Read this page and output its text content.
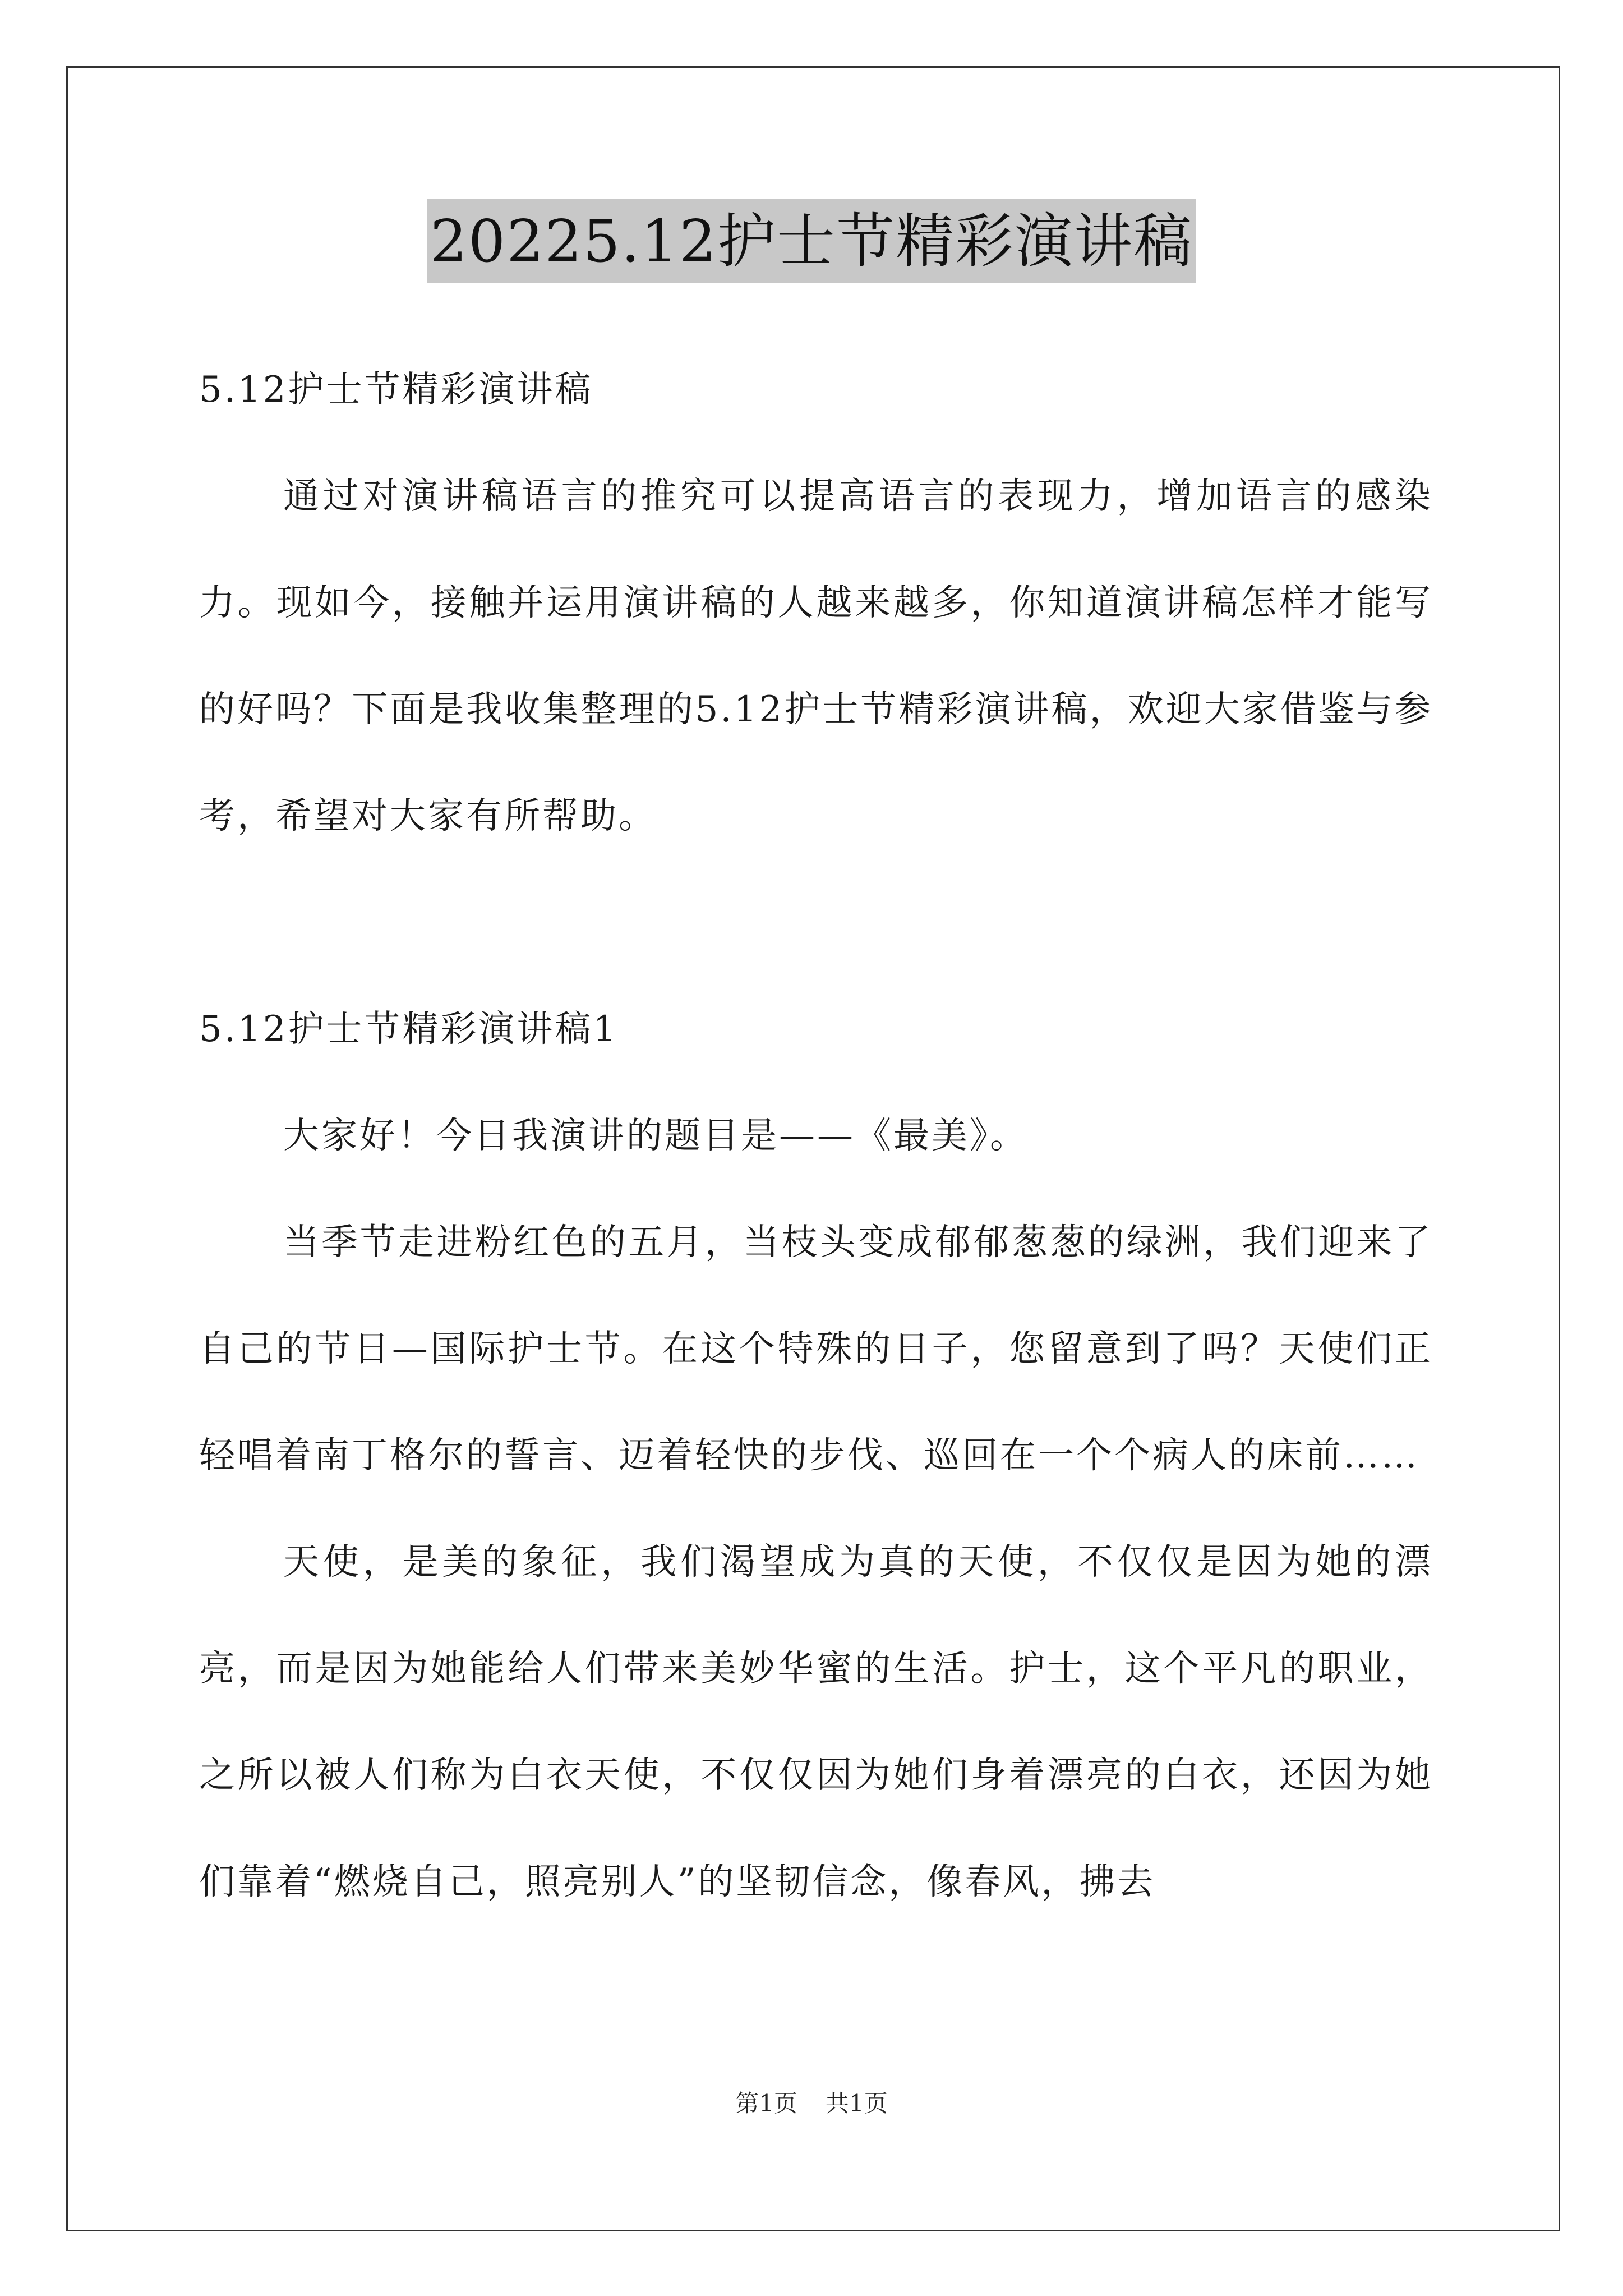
20225.12护士节精彩演讲稿

5.12护士节精彩演讲稿

通过对演讲稿语言的推究可以提高语言的表现力，增加语言的感染力。现如今，接触并运用演讲稿的人越来越多，你知道演讲稿怎样才能写的好吗？下面是我收集整理的5.12护士节精彩演讲稿，欢迎大家借鉴与参考，希望对大家有所帮助。

5.12护士节精彩演讲稿1

大家好！今日我演讲的题目是——《最美》。

当季节走进粉红色的五月，当枝头变成郁郁葱葱的绿洲，我们迎来了自己的节日—国际护士节。在这个特殊的日子，您留意到了吗？天使们正轻唱着南丁格尔的誓言、迈着轻快的步伐、巡回在一个个病人的床前……

天使，是美的象征，我们渴望成为真的天使，不仅仅是因为她的漂亮，而是因为她能给人们带来美妙华蜜的生活。护士，这个平凡的职业，之所以被人们称为白衣天使，不仅仅因为她们身着漂亮的白衣，还因为她们靠着“燃烧自己，照亮别人”的坚韧信念，像春风，拂去

第1页 共1页
